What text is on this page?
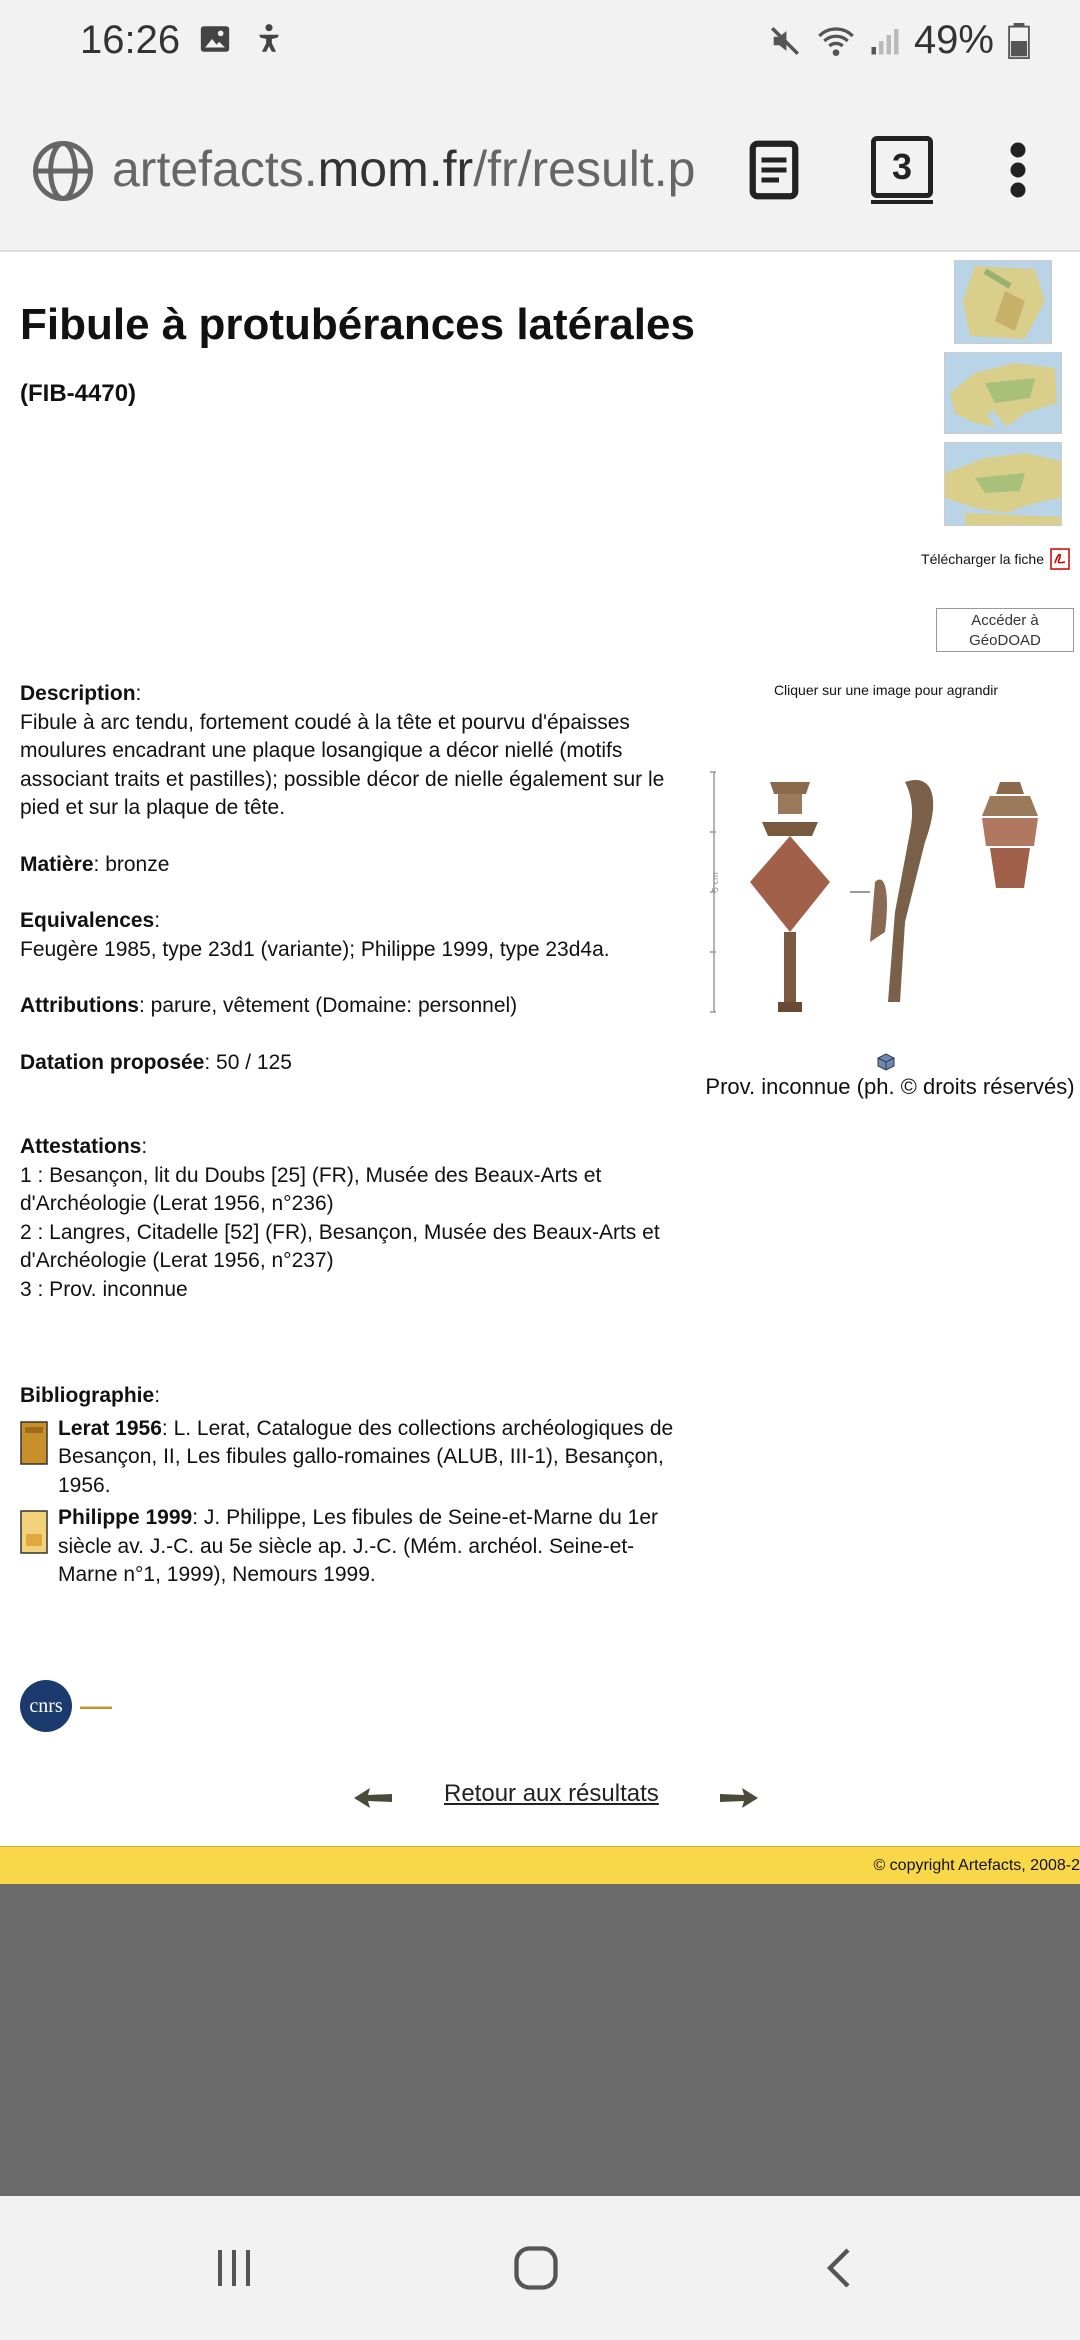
16:26	49%
artefacts.mom.fr/fr/result.p	3
Fibule à protubérances latérales
(FIB-4470)
Télécharger la fiche
Accéder à GéoDOAD
Cliquer sur une image pour agrandir
5 cm
Prov. inconnue (ph. © droits réservés)

Description:
Fibule à arc tendu, fortement coudé à la tête et pourvu d'épaisses moulures encadrant une plaque losangique a décor niellé (motifs associant traits et pastilles); possible décor de nielle également sur le pied et sur la plaque de tête.

Matière: bronze

Equivalences:
Feugère 1985, type 23d1 (variante); Philippe 1999, type 23d4a.

Attributions: parure, vêtement (Domaine: personnel)

Datation proposée: 50 / 125

Attestations:
1 : Besançon, lit du Doubs [25] (FR), Musée des Beaux-Arts et d'Archéologie (Lerat 1956, n°236)
2 : Langres, Citadelle [52] (FR), Besançon, Musée des Beaux-Arts et d'Archéologie (Lerat 1956, n°237)
3 : Prov. inconnue

Bibliographie:
Lerat 1956: L. Lerat, Catalogue des collections archéologiques de Besançon, II, Les fibules gallo-romaines (ALUB, III-1), Besançon, 1956.
Philippe 1999: J. Philippe, Les fibules de Seine-et-Marne du 1er siècle av. J.-C. au 5e siècle ap. J.-C. (Mém. archéol. Seine-et-Marne n°1, 1999), Nemours 1999.
cnrs	▬▬▬▬
Retour aux résultats
© copyright Artefacts, 2008-2
